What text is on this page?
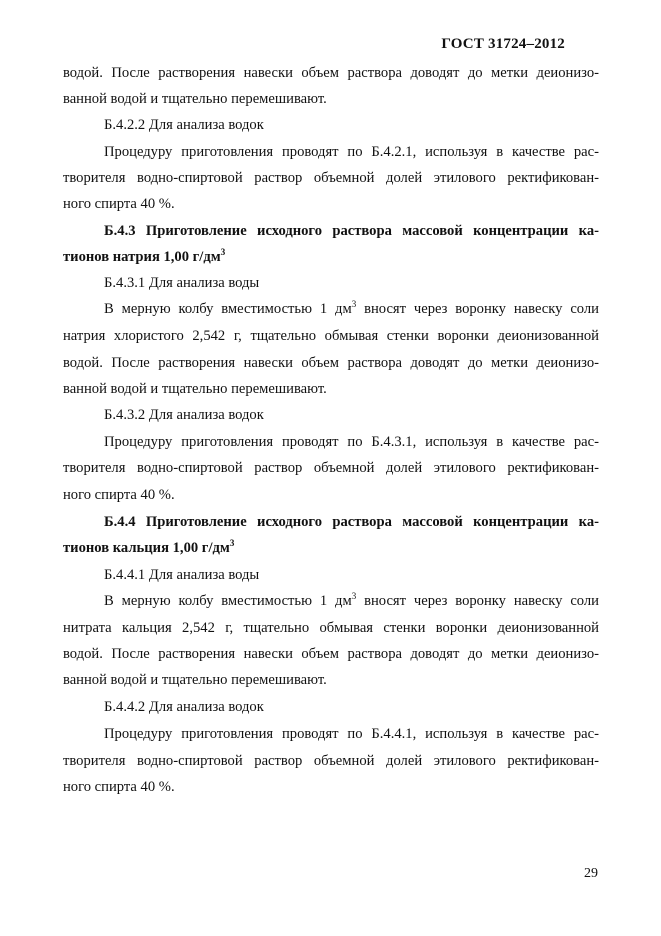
ГОСТ 31724–2012
водой. После растворения навески объем раствора доводят до метки деионизо-
ванной водой и тщательно перемешивают.
Б.4.2.2 Для анализа водок
Процедуру приготовления проводят по Б.4.2.1, используя в качестве рас-
творителя водно-спиртовой раствор объемной долей этилового ректификован-
ного спирта 40 %.
Б.4.3 Приготовление исходного раствора массовой концентрации ка-
тионов натрия 1,00 $г/дм^3$
Б.4.3.1 Для анализа воды
В мерную колбу вместимостью 1 $дм^3$ вносят через воронку навеску соли
натрия хлористого 2,542 г, тщательно обмывая стенки воронки деионизованной
водой. После растворения навески объем раствора доводят до метки деионизо-
ванной водой и тщательно перемешивают.
Б.4.3.2 Для анализа водок
Процедуру приготовления проводят по Б.4.3.1, используя в качестве рас-
творителя водно-спиртовой раствор объемной долей этилового ректификован-
ного спирта 40 %.
Б.4.4 Приготовление исходного раствора массовой концентрации ка-
тионов кальция 1,00 $г/дм^3$
Б.4.4.1 Для анализа воды
В мерную колбу вместимостью 1 $дм^3$ вносят через воронку навеску соли
нитрата кальция 2,542 г, тщательно обмывая стенки воронки деионизованной
водой. После растворения навески объем раствора доводят до метки деионизо-
ванной водой и тщательно перемешивают.
Б.4.4.2 Для анализа водок
Процедуру приготовления проводят по Б.4.4.1, используя в качестве рас-
творителя водно-спиртовой раствор объемной долей этилового ректификован-
ного спирта 40 %.
29
